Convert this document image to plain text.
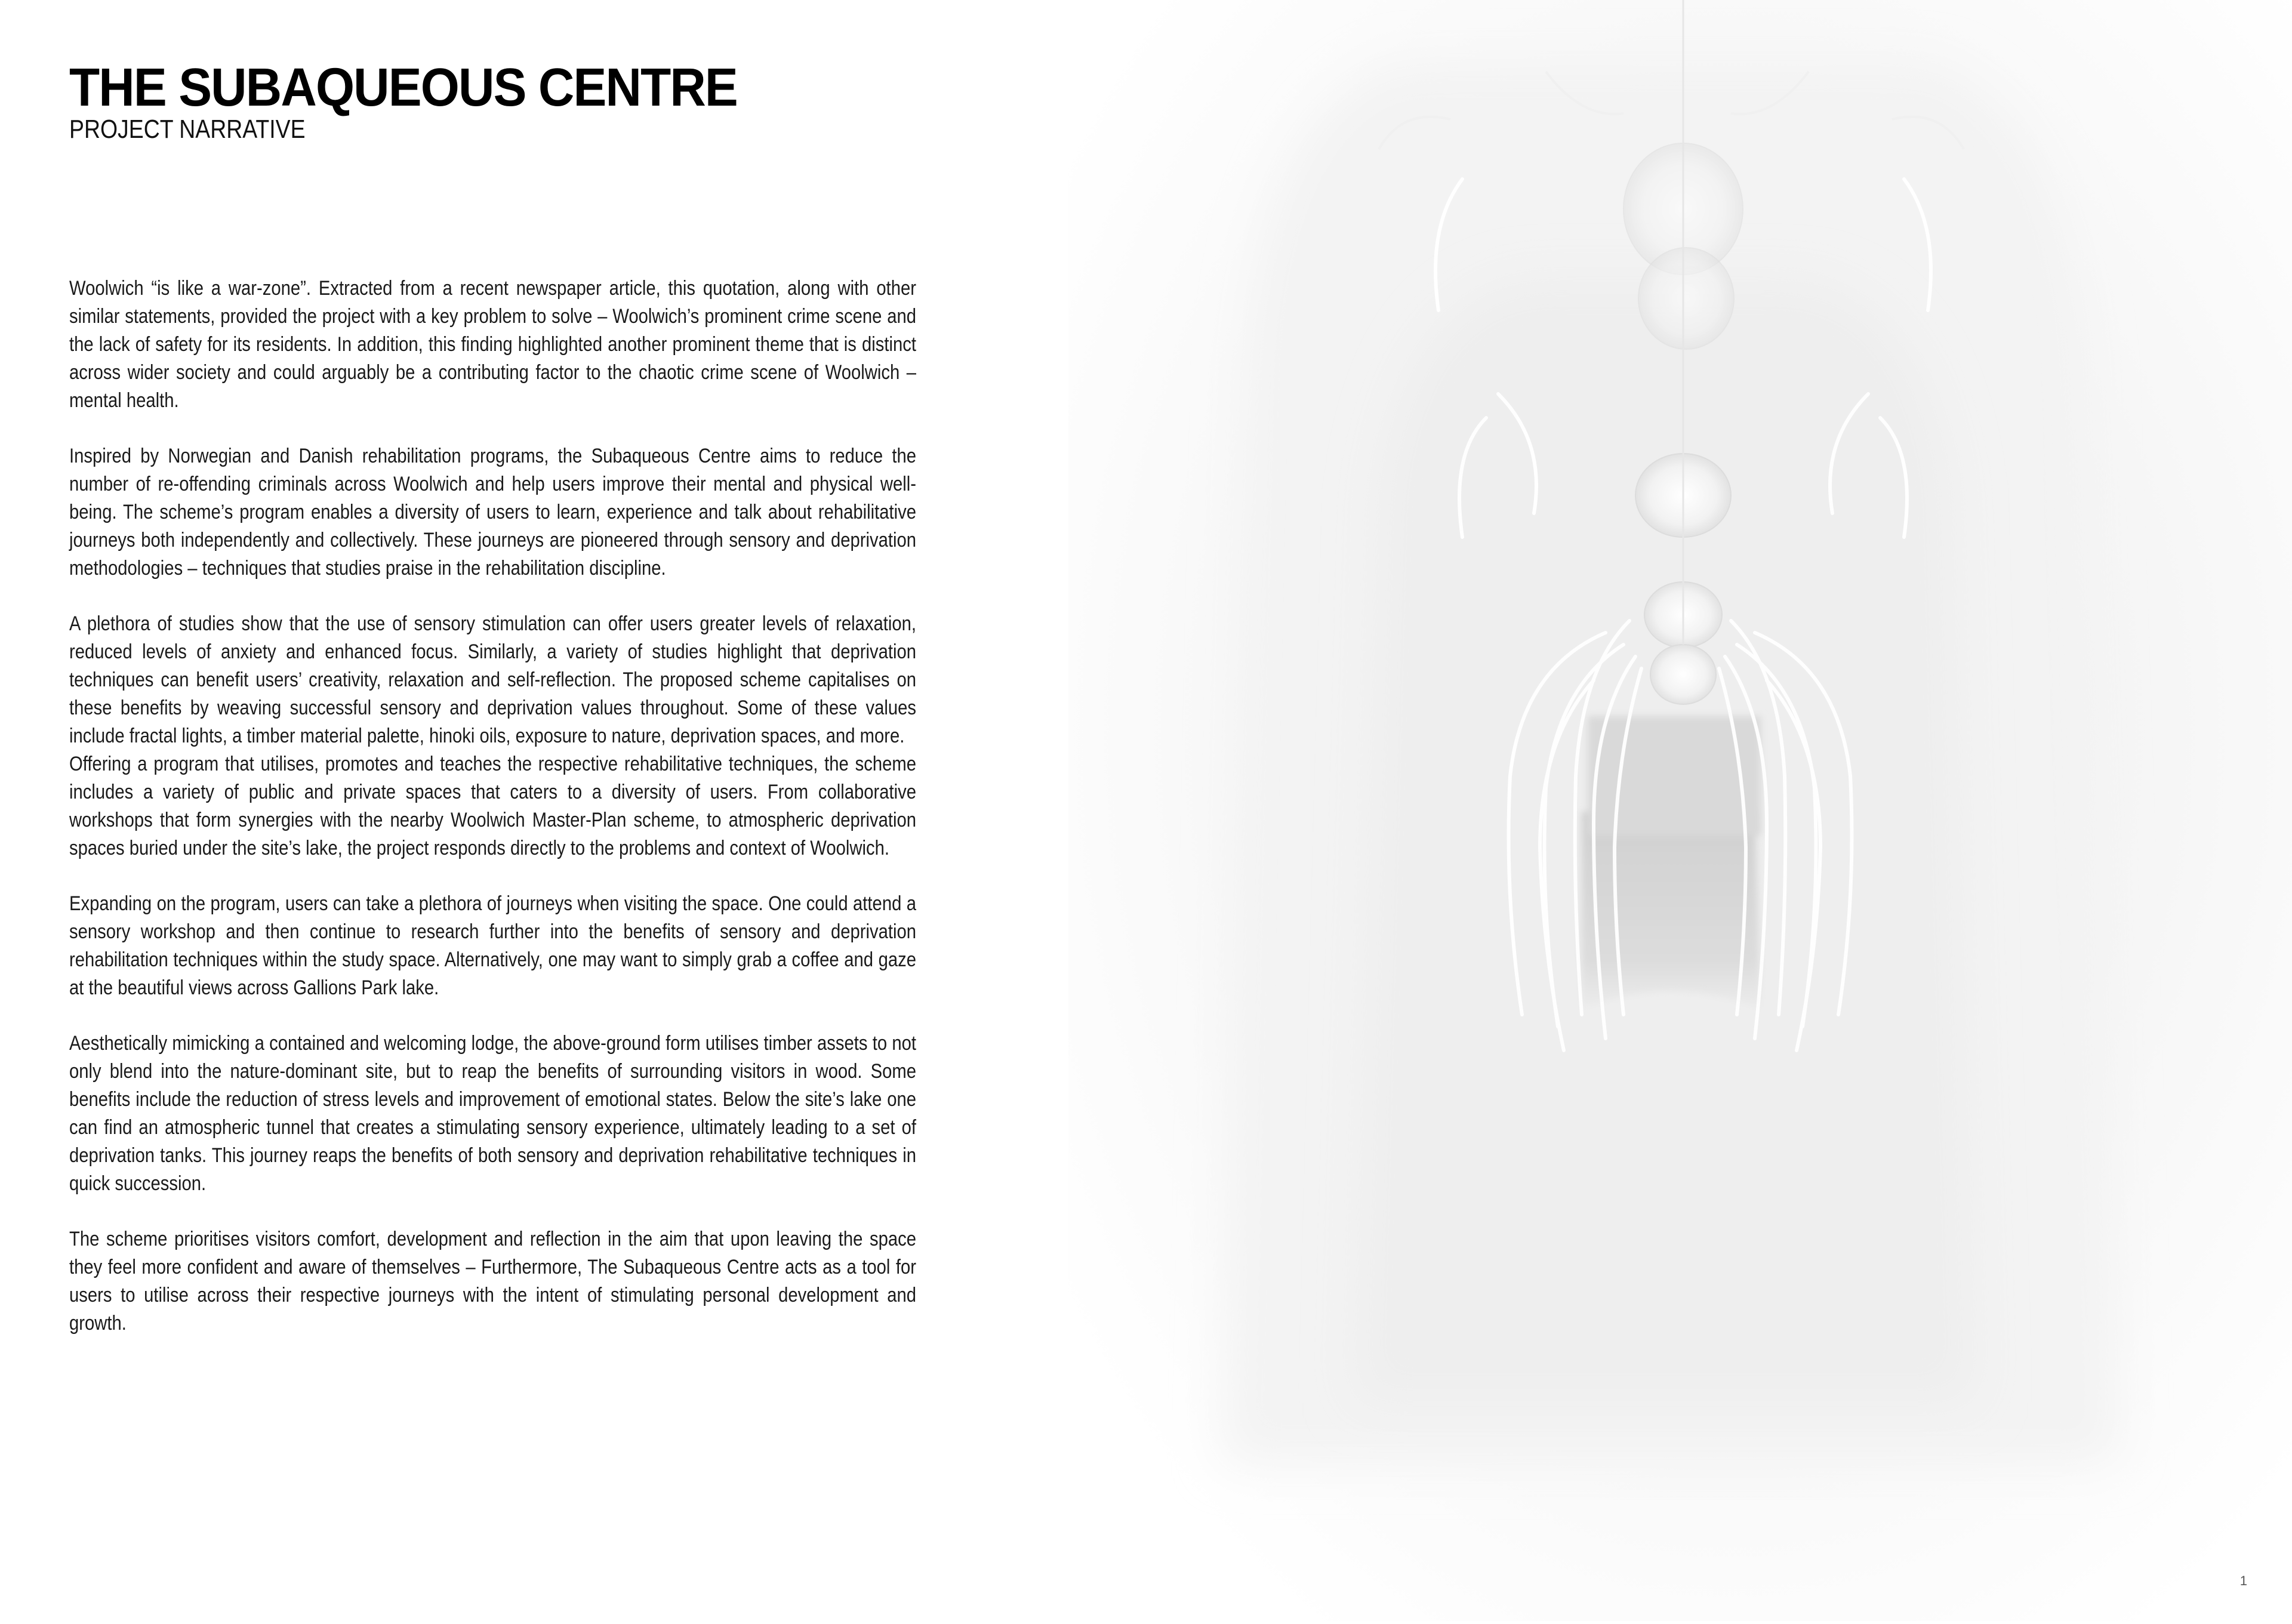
THE SUBAQUEOUS CENTRE
PROJECT NARRATIVE

Woolwich “is like a war-zone”. Extracted from a recent newspaper article, this quotation, along with other similar statements, provided the project with a key problem to solve – Woolwich’s prominent crime scene and the lack of safety for its residents. In addition, this finding highlighted another prominent theme that is distinct across wider society and could arguably be a contributing factor to the chaotic crime scene of Woolwich – mental health.

Inspired by Norwegian and Danish rehabilitation programs, the Subaqueous Centre aims to reduce the number of re-offending criminals across Woolwich and help users improve their mental and physical well-being. The scheme’s program enables a diversity of users to learn, experience and talk about rehabilitative journeys both independently and collectively. These journeys are pioneered through sensory and deprivation methodologies – techniques that studies praise in the rehabilitation discipline.

A plethora of studies show that the use of sensory stimulation can offer users greater levels of relaxation, reduced levels of anxiety and enhanced focus. Similarly, a variety of studies highlight that deprivation techniques can benefit users’ creativity, relaxation and self-reflection. The proposed scheme capitalises on these benefits by weaving successful sensory and deprivation values throughout. Some of these values include fractal lights, a timber material palette, hinoki oils, exposure to nature, deprivation spaces, and more.

Offering a program that utilises, promotes and teaches the respective rehabilitative techniques, the scheme includes a variety of public and private spaces that caters to a diversity of users. From collaborative workshops that form synergies with the nearby Woolwich Master-Plan scheme, to atmospheric deprivation spaces buried under the site’s lake, the project responds directly to the problems and context of Woolwich.

Expanding on the program, users can take a plethora of journeys when visiting the space. One could attend a sensory workshop and then continue to research further into the benefits of sensory and deprivation rehabilitation techniques within the study space. Alternatively, one may want to simply grab a coffee and gaze at the beautiful views across Gallions Park lake.

Aesthetically mimicking a contained and welcoming lodge, the above-ground form utilises timber assets to not only blend into the nature-dominant site, but to reap the benefits of surrounding visitors in wood. Some benefits include the reduction of stress levels and improvement of emotional states. Below the site’s lake one can find an atmospheric tunnel that creates a stimulating sensory experience, ultimately leading to a set of deprivation tanks. This journey reaps the benefits of both sensory and deprivation rehabilitative techniques in quick succession.

The scheme prioritises visitors comfort, development and reflection in the aim that upon leaving the space they feel more confident and aware of themselves – Furthermore, The Subaqueous Centre acts as a tool for users to utilise across their respective journeys with the intent of stimulating personal development and growth.

1
